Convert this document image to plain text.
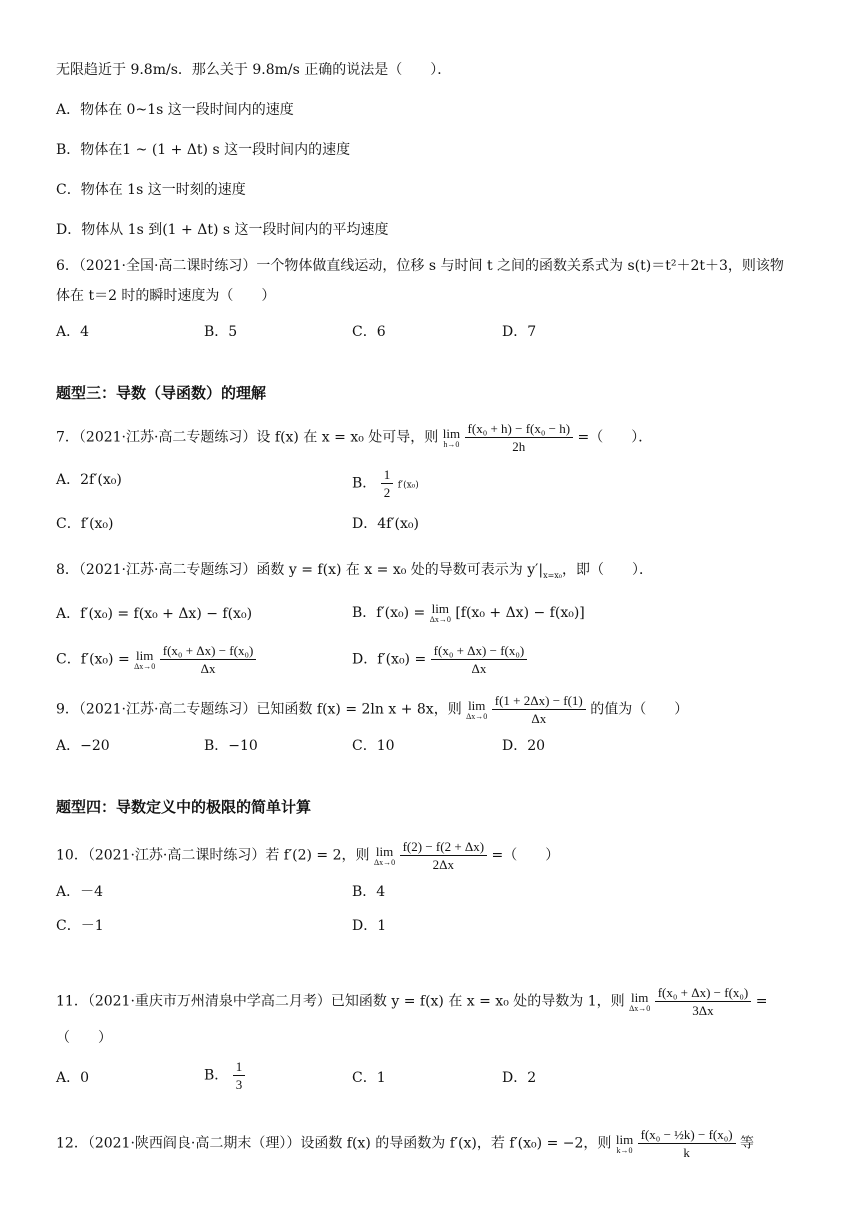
无限趋近于 9.8m/s．那么关于 9.8m/s 正确的说法是（　　）．
A．物体在 0~1s 这一段时间内的速度
B．物体在1 ~ (1 + Δt) s 这一段时间内的速度
C．物体在 1s 这一时刻的速度
D．物体从 1s 到(1 + Δt) s 这一段时间内的平均速度
6．（2021·全国·高二课时练习）一个物体做直线运动，位移 s 与时间 t 之间的函数关系式为 s(t)＝t²＋2t＋3，则该物
体在 t＝2 时的瞬时速度为（　　）
A．4	B．5	C．6	D．7
题型三：导数（导函数）的理解
7．（2021·江苏·高二专题练习）设 f(x) 在 x = x₀ 处可导，则 lim
h→0
$\frac{\text{f(x₀ + h) − f(x₀ − h)}}{2h}$ =（　　）．
A．2f′(x₀)	B． $\frac{1}{2} f'(x_0)$
C．f′(x₀)	D．4f′(x₀)
8．（2021·江苏·高二专题练习）函数 y = f(x) 在 x = x₀ 处的导数可表示为 $y'|_{x=x_0}$，即（　　）．
A．f′(x₀) = f(x₀ + Δx) − f(x₀)	B．f′(x₀) = lim
Δx→0 [f(x₀ + Δx) − f(x₀)]
C．f′(x₀) = lim
Δx→0
$\frac{\text{f(x₀ + Δx) − f(x₀)}}{\Delta x}$	D．$f'(x_0) = \frac{\text{f(x₀ + Δx) − f(x₀)}}{\Delta x}$
9．（2021·江苏·高二专题练习）已知函数 f(x) = 2ln x + 8x，则 lim
Δx→0
$\frac{f(1 + 2\Delta x) - f(1)}{\Delta x}$ 的值为（　　）
A．−20	B．−10	C．10	D．20
题型四：导数定义中的极限的简单计算
10．（2021·江苏·高二课时练习）若 f′(2) = 2，则 lim
Δx→0
$\frac{f(2) - f(2 + \Delta x)}{2\Delta x}$ =（　　）
A．－4	B．4
C．－1	D．1
11．（2021·重庆市万州清泉中学高二月考）已知函数 y = f(x) 在 x = x₀ 处的导数为 1，则 lim
Δx→0
$\frac{\text{f(x₀ + Δx) − f(x₀)}}{3\Delta x}$ =
（　　）
A．0	B． $\frac{1}{3}$	C．1	D．2
12．（2021·陕西阎良·高二期末（理））设函数 f(x) 的导函数为 f′(x)，若 f′(x₀) = −2，则 lim
k→0
$\frac{\text{f(x₀ − ½k) − f(x₀)}}{k}$ 等
